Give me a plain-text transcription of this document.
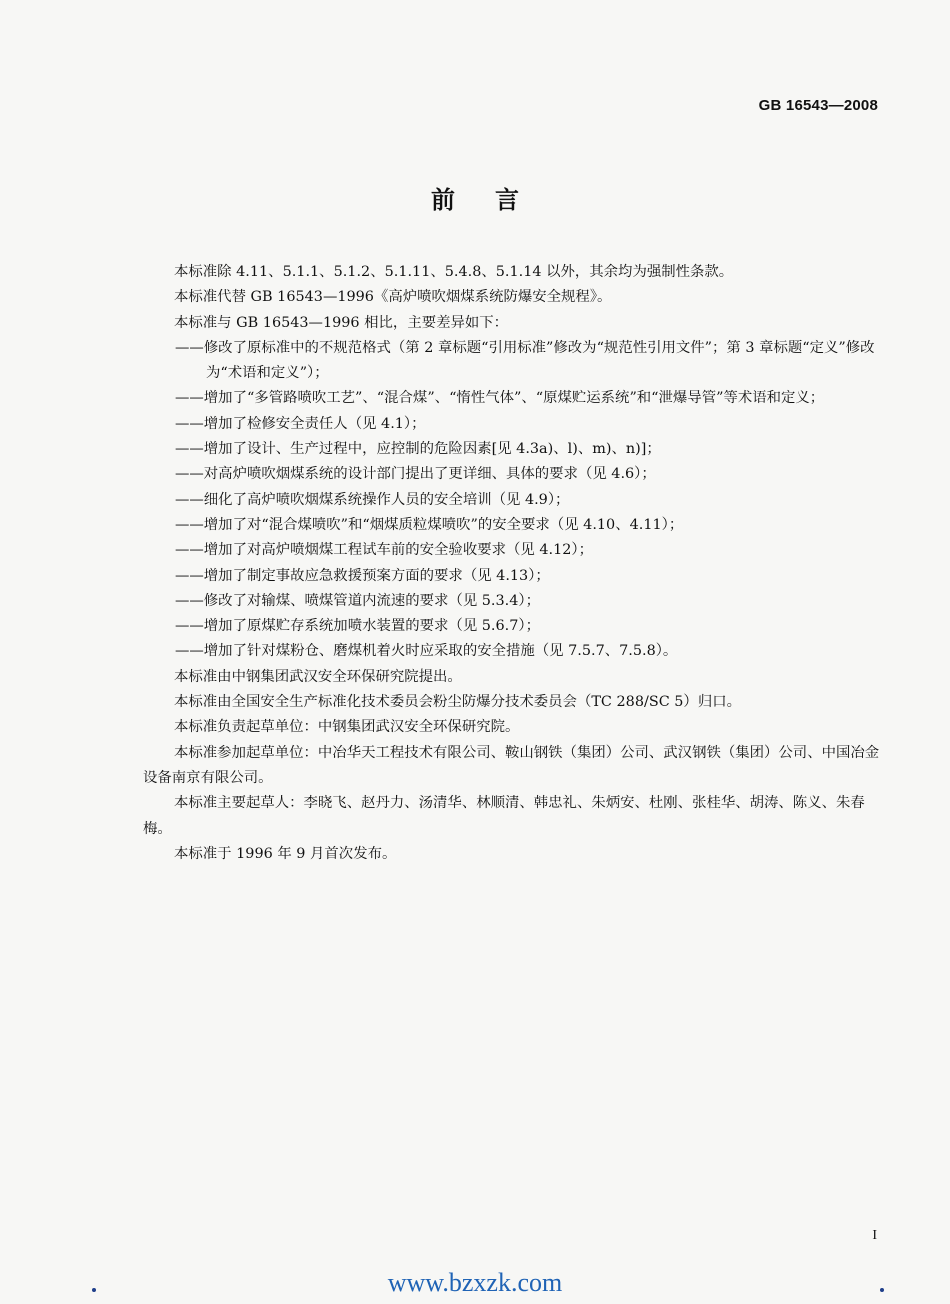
GB 16543—2008
前言

本标准除 4.11、5.1.1、5.1.2、5.1.11、5.4.8、5.1.14 以外，其余均为强制性条款。

本标准代替 GB 16543—1996《高炉喷吹烟煤系统防爆安全规程》。

本标准与 GB 16543—1996 相比，主要差异如下：

——修改了原标准中的不规范格式（第 2 章标题“引用标准”修改为“规范性引用文件”；第 3 章标题“定义”修改为“术语和定义”）；

——增加了“多管路喷吹工艺”、“混合煤”、“惰性气体”、“原煤贮运系统”和“泄爆导管”等术语和定义；

——增加了检修安全责任人（见 4.1）；

——增加了设计、生产过程中，应控制的危险因素[见 4.3a)、l)、m)、n)]；

——对高炉喷吹烟煤系统的设计部门提出了更详细、具体的要求（见 4.6）；

——细化了高炉喷吹烟煤系统操作人员的安全培训（见 4.9）；

——增加了对“混合煤喷吹”和“烟煤质粒煤喷吹”的安全要求（见 4.10、4.11）；

——增加了对高炉喷烟煤工程试车前的安全验收要求（见 4.12）；

——增加了制定事故应急救援预案方面的要求（见 4.13）；

——修改了对输煤、喷煤管道内流速的要求（见 5.3.4）；

——增加了原煤贮存系统加喷水装置的要求（见 5.6.7）；

——增加了针对煤粉仓、磨煤机着火时应采取的安全措施（见 7.5.7、7.5.8）。

本标准由中钢集团武汉安全环保研究院提出。

本标准由全国安全生产标准化技术委员会粉尘防爆分技术委员会（TC 288/SC 5）归口。

本标准负责起草单位：中钢集团武汉安全环保研究院。

本标准参加起草单位：中冶华天工程技术有限公司、鞍山钢铁（集团）公司、武汉钢铁（集团）公司、中国冶金设备南京有限公司。

本标准主要起草人：李晓飞、赵丹力、汤清华、林顺清、韩忠礼、朱炳安、杜刚、张桂华、胡涛、陈义、朱春梅。

本标准于 1996 年 9 月首次发布。

I
www.bzxzk.com
